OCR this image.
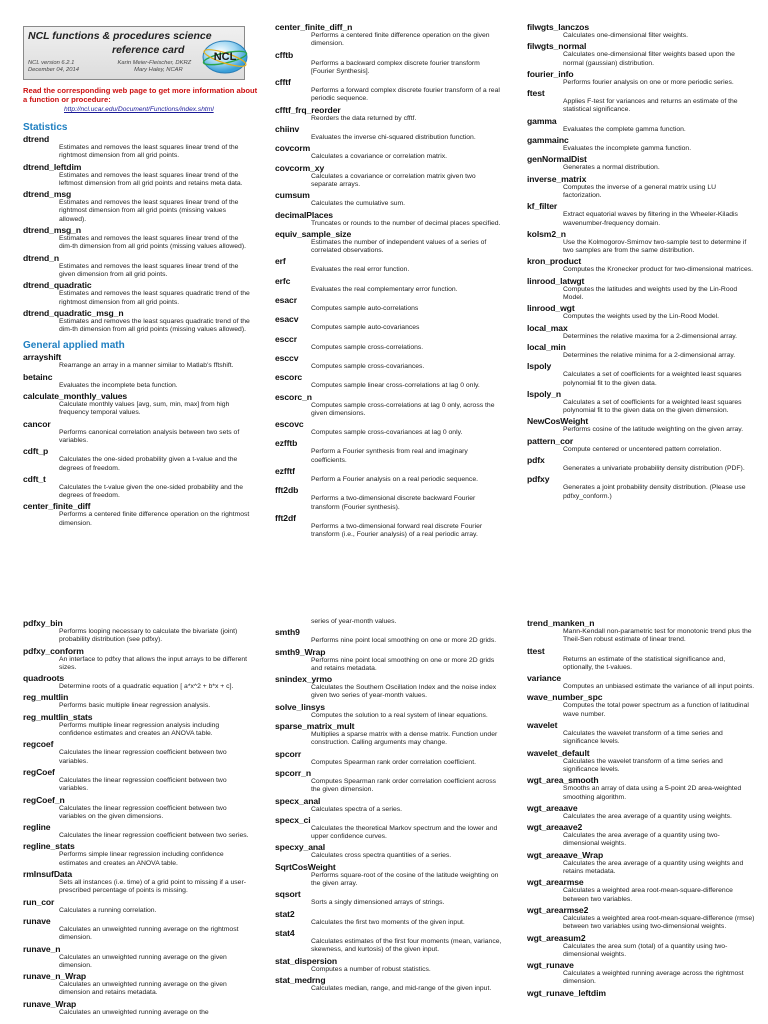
NCL functions & procedures science
reference card
NCL version 6.2.1	Karin Meier-Fleischer, DKRZ
December 04, 2014	Mary Haley, NCAR
NCL
Read the corresponding web page to get more information about a function or procedure:
http://ncl.ucar.edu/Document/Functions/index.shtml
Statistics
dtrend
Estimates and removes the least squares linear trend of the rightmost dimension from all grid points.
dtrend_leftdim
Estimates and removes the least squares linear trend of the leftmost dimension from all grid points and retains meta data.
dtrend_msg
Estimates and removes the least squares linear trend of the rightmost dimension from all grid points (missing values allowed).
dtrend_msg_n
Estimates and removes the least squares linear trend of the dim-th dimension from all grid points (missing values allowed).
dtrend_n
Estimates and removes the least squares linear trend of the given dimension from all grid points.
dtrend_quadratic
Estimates and removes the least squares quadratic trend of the rightmost dimension from all grid points.
dtrend_quadratic_msg_n
Estimates and removes the least squares quadratic trend of the dim-th dimension from all grid points (missing values allowed).
General applied math
arrayshift
Rearrange an array in a manner similar to Matlab's fftshift.
betainc
Evaluates the incomplete beta function.
calculate_monthly_values
Calculate monthly values [avg, sum, min, max] from high frequency temporal values.
cancor
Performs canonical correlation analysis between two sets of variables.
cdft_p
Calculates the one-sided probability given a t-value and the degrees of freedom.
cdft_t
Calculates the t-value given the one-sided probability and the degrees of freedom.
center_finite_diff
Performs a centered finite difference operation on the rightmost dimension.
center_finite_diff_n
Performs a centered finite difference operation on the given dimension.
cfftb
Performs a backward complex discrete fourier transform [Fourier Synthesis].
cfftf
Performs a forward complex discrete fourier transform of a real periodic sequence.
cfftf_frq_reorder
Reorders the data returned by cfftf.
chiinv
Evaluates the inverse chi-squared distribution function.
covcorm
Calculates a covariance or correlation matrix.
covcorm_xy
Calculates a covariance or correlation matrix given two separate arrays.
cumsum
Calculates the cumulative sum.
decimalPlaces
Truncates or rounds to the number of decimal places specified.
equiv_sample_size
Estimates the number of independent values of a series of correlated observations.
erf
Evaluates the real error function.
erfc
Evaluates the real complementary error function.
esacr
Computes sample auto-correlations
esacv
Computes sample auto-covariances
esccr
Computes sample cross-correlations.
esccv
Computes sample cross-covariances.
escorc
Computes sample linear cross-correlations at lag 0 only.
escorc_n
Computes sample cross-correlations at lag 0 only, across the given dimensions.
escovc
Computes sample cross-covariances at lag 0 only.
ezfftb
Perform a Fourier synthesis from real and imaginary coefficients.
ezfftf
Perform a Fourier analysis on a real periodic sequence.
fft2db
Performs a two-dimensional discrete backward Fourier transform (Fourier synthesis).
fft2df
Performs a two-dimensional forward real discrete Fourier transform (i.e., Fourier analysis) of a real periodic array.
filwgts_lanczos
Calculates one-dimensional filter weights.
filwgts_normal
Calculates one-dimensional filter weights based upon the normal (gaussian) distribution.
fourier_info
Performs fourier analysis on one or more periodic series.
ftest
Applies F-test for variances and returns an estimate of the statistical significance.
gamma
Evaluates the complete gamma function.
gammainc
Evaluates the incomplete gamma function.
genNormalDist
Generates a normal distribution.
inverse_matrix
Computes the inverse of a general matrix using LU factorization.
kf_filter
Extract equatorial waves by filtering in the Wheeler-Kiladis wavenumber-frequency domain.
kolsm2_n
Use the Kolmogorov-Smirnov two-sample test to determine if two samples are from the same distribution.
kron_product
Computes the Kronecker product for two-dimensional matrices.
linrood_latwgt
Computes the latitudes and weights used by the Lin-Rood Model.
linrood_wgt
Computes the weights used by the Lin-Rood Model.
local_max
Determines the relative maxima for a 2-dimensional array.
local_min
Determines the relative minima for a 2-dimensional array.
lspoly
Calculates a set of coefficients for a weighted least squares polynomial fit to the given data.
lspoly_n
Calculates a set of coefficients for a weighted least squares polynomial fit to the given data on the given dimension.
NewCosWeight
Performs cosine of the latitude weighting on the given array.
pattern_cor
Compute centered or uncentered pattern correlation.
pdfx
Generates a univariate probability density distribution (PDF).
pdfxy
Generates a joint probability density distribution. (Please use pdfxy_conform.)
pdfxy_bin
Performs looping necessary to calculate the bivariate (joint) probability distribution (see pdfxy).
pdfxy_conform
An interface to pdfxy that allows the input arrays to be different sizes.
quadroots
Determine roots of a quadratic equation [ a*x^2 + b*x + c].
reg_multlin
Performs basic multiple linear regression analysis.
reg_multlin_stats
Performs multiple linear regression analysis including confidence estimates and creates an ANOVA table.
regcoef
Calculates the linear regression coefficient between two variables.
regCoef
Calculates the linear regression coefficient between two variables.
regCoef_n
Calculates the linear regression coefficient between two variables on the given dimensions.
regline
Calculates the linear regression coefficient between two series.
regline_stats
Performs simple linear regression including confidence estimates and creates an ANOVA table.
rmInsufData
Sets all instances (i.e. time) of a grid point to missing if a user-prescribed percentage of points is missing.
run_cor
Calculates a running correlation.
runave
Calculates an unweighted running average on the rightmost dimension.
runave_n
Calculates an unweighted running average on the given dimension.
runave_n_Wrap
Calculates an unweighted running average on the given dimension and retains metadata.
runave_Wrap
Calculates an unweighted running average on the
series of year-month values.
smth9
Performs nine point local smoothing on one or more 2D grids.
smth9_Wrap
Performs nine point local smoothing on one or more 2D grids and retains metadata.
snindex_yrmo
Calculates the Southern Oscillation Index and the noise index given two series of year-month values.
solve_linsys
Computes the solution to a real system of linear equations.
sparse_matrix_mult
Multiplies a sparse matrix with a dense matrix. Function under construction. Calling arguments may change.
spcorr
Computes Spearman rank order correlation coefficient.
spcorr_n
Computes Spearman rank order correlation coefficient across the given dimension.
specx_anal
Calculates spectra of a series.
specx_ci
Calculates the theoretical Markov spectrum and the lower and upper confidence curves.
specxy_anal
Calculates cross spectra quantities of a series.
SqrtCosWeight
Performs square-root of the cosine of the latitude weighting on the given array.
sqsort
Sorts a singly dimensioned arrays of strings.
stat2
Calculates the first two moments of the given input.
stat4
Calculates estimates of the first four moments (mean, variance, skewness, and kurtosis) of the given input.
stat_dispersion
Computes a number of robust statistics.
stat_medrng
Calculates median, range, and mid-range of the given input.
trend_manken_n
Mann-Kendall non-parametric test for monotonic trend plus the Theil-Sen robust estimate of linear trend.
ttest
Returns an estimate of the statistical significance and, optionally, the t-values.
variance
Computes an unbiased estimate the variance of all input points.
wave_number_spc
Computes the total power spectrum as a function of latitudinal wave number.
wavelet
Calculates the wavelet transform of a time series and significance levels.
wavelet_default
Calculates the wavelet transform of a time series and significance levels.
wgt_area_smooth
Smooths an array of data using a 5-point 2D area-weighted smoothing algorithm.
wgt_areaave
Calculates the area average of a quantity using weights.
wgt_areaave2
Calculates the area average of a quantity using two-dimensional weights.
wgt_areaave_Wrap
Calculates the area average of a quantity using weights and retains metadata.
wgt_arearmse
Calculates a weighted area root-mean-square-difference between two variables.
wgt_arearmse2
Calculates a weighted area root-mean-square-difference (rmse) between two variables using two-dimensional weights.
wgt_areasum2
Calculates the area sum (total) of a quantity using two-dimensional weights.
wgt_runave
Calculates a weighted running average across the rightmost dimension.
wgt_runave_leftdim
